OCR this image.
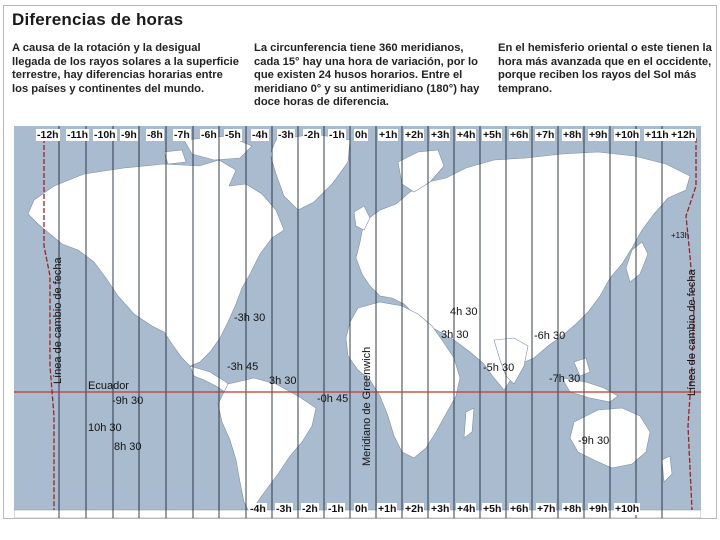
Diferencias de horas
A causa de la rotación y la desigual llegada de los rayos solares a la superficie terrestre, hay diferencias horarias entre los países y continentes del mundo.
La circunferencia tiene 360 meridianos, cada 15° hay una hora de variación, por lo que existen 24 husos horarios. Entre el meridiano 0° y su antimeridiano (180°) hay doce horas de diferencia.
En el hemisferio oriental o este tienen la hora más avanzada que en el occidente, porque reciben los rayos del Sol más temprano.
-12h -11h -10h -9h -8h -7h -6h -5h -4h -3h -2h -1h 0h +1h +2h +3h +4h +5h +6h +7h +8h +9h +10h +11h +12h
-4h -3h -2h -1h 0h +1h +2h +3h +4h +5h +6h +7h +8h +9h +10h
-3h 30
-3h 45
3h 30
-0h 45
4h 30
3h 30	-6h 30
-5h 30
-7h 30
-9h 30
-9h 30
10h 30
8h 30
+13h
Ecuador
Línea de cambio de fecha	Línea de cambio de fecha
Meridiano de Greenwich
